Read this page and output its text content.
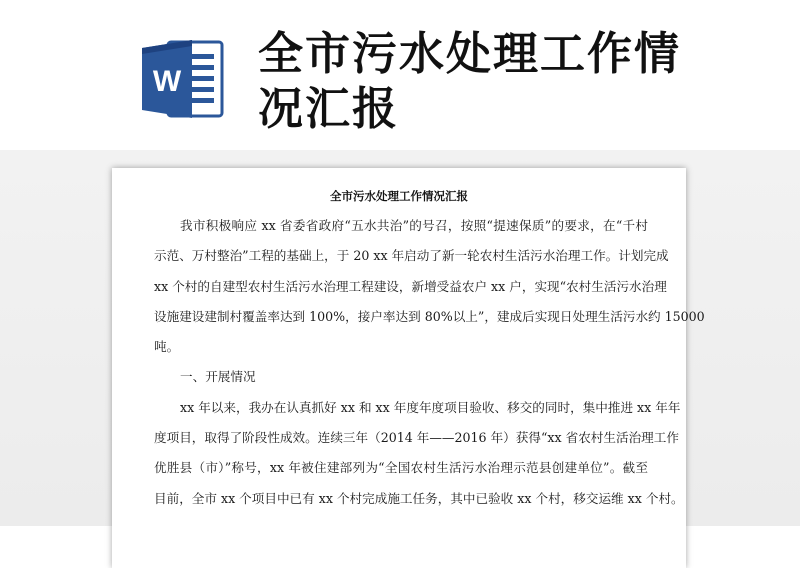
W
全市污水处理工作情
况汇报
全市污水处理工作情况汇报
我市积极响应 xx 省委省政府“五水共治”的号召，按照“提速保质”的要求，在“千村
示范、万村整治”工程的基础上，于 20 xx 年启动了新一轮农村生活污水治理工作。计划完成
xx 个村的自建型农村生活污水治理工程建设，新增受益农户 xx 户，实现“农村生活污水治理
设施建设建制村覆盖率达到 100%，接户率达到 80%以上”，建成后实现日处理生活污水约 15000
吨。
一、开展情况
xx 年以来，我办在认真抓好 xx 和 xx 年度年度项目验收、移交的同时，集中推进 xx 年年
度项目，取得了阶段性成效。连续三年（2014 年——2016 年）获得“xx 省农村生活治理工作
优胜县（市）”称号，xx 年被住建部列为“全国农村生活污水治理示范县创建单位”。截至
目前，全市 xx 个项目中已有 xx 个村完成施工任务，其中已验收 xx 个村，移交运维 xx 个村。
